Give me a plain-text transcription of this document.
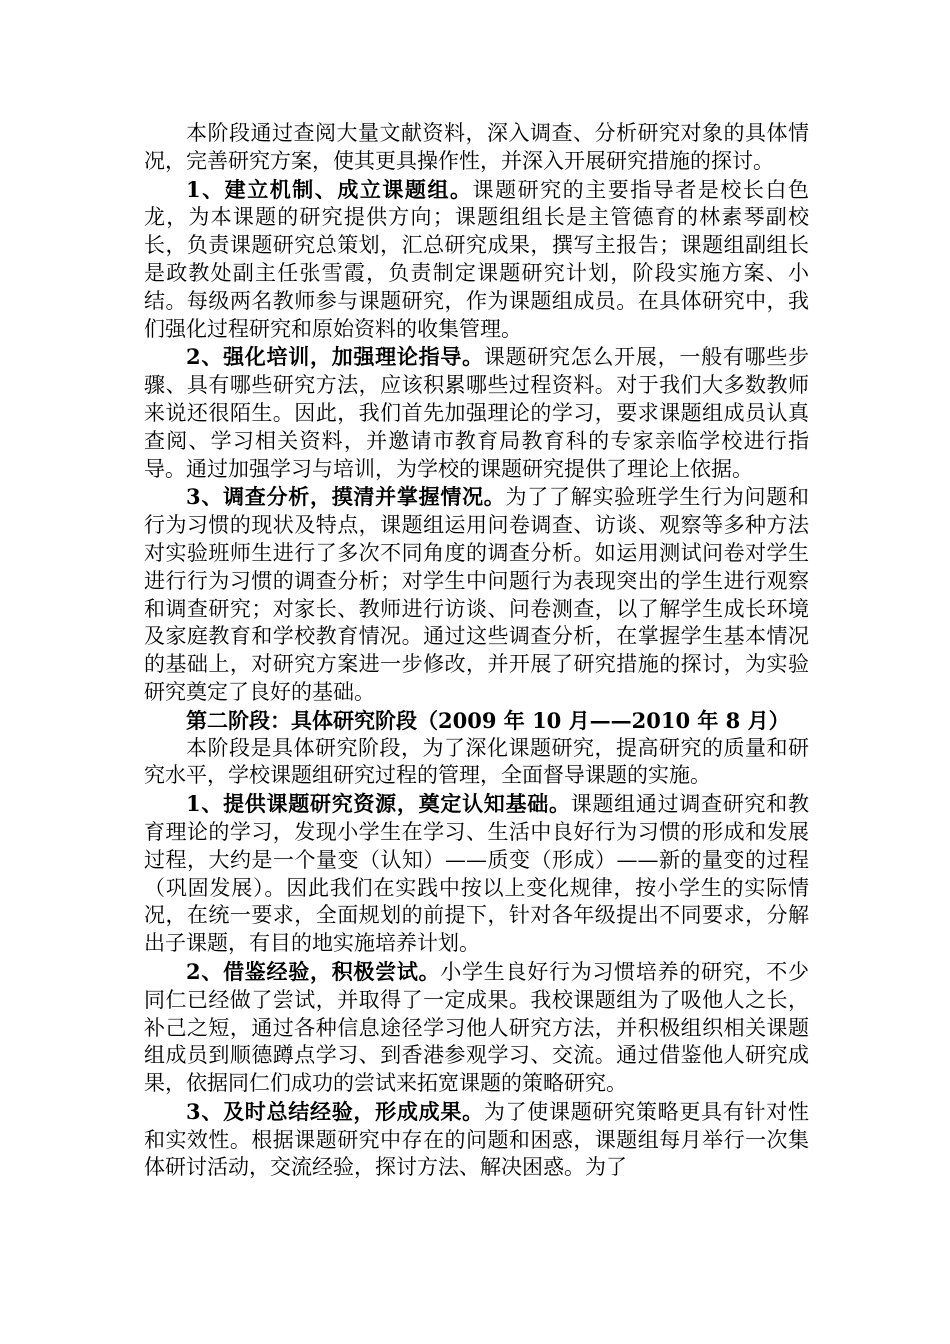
本阶段通过查阅大量文献资料，深入调查、分析研究对象的具体情况，完善研究方案，使其更具操作性，并深入开展研究措施的探讨。

1、建立机制、成立课题组。课题研究的主要指导者是校长白色龙，为本课题的研究提供方向；课题组组长是主管德育的林素琴副校长，负责课题研究总策划，汇总研究成果，撰写主报告；课题组副组长是政教处副主任张雪霞，负责制定课题研究计划，阶段实施方案、小结。每级两名教师参与课题研究，作为课题组成员。在具体研究中，我们强化过程研究和原始资料的收集管理。

2、强化培训，加强理论指导。课题研究怎么开展，一般有哪些步骤、具有哪些研究方法，应该积累哪些过程资料。对于我们大多数教师来说还很陌生。因此，我们首先加强理论的学习，要求课题组成员认真查阅、学习相关资料，并邀请市教育局教育科的专家亲临学校进行指导。通过加强学习与培训，为学校的课题研究提供了理论上依据。

3、调查分析，摸清并掌握情况。为了了解实验班学生行为问题和行为习惯的现状及特点，课题组运用问卷调查、访谈、观察等多种方法对实验班师生进行了多次不同角度的调查分析。如运用测试问卷对学生进行行为习惯的调查分析；对学生中问题行为表现突出的学生进行观察和调查研究；对家长、教师进行访谈、问卷测查，以了解学生成长环境及家庭教育和学校教育情况。通过这些调查分析，在掌握学生基本情况的基础上，对研究方案进一步修改，并开展了研究措施的探讨，为实验研究奠定了良好的基础。

第二阶段：具体研究阶段（2009 年 10 月——2010 年 8 月）

本阶段是具体研究阶段，为了深化课题研究，提高研究的质量和研究水平，学校课题组研究过程的管理，全面督导课题的实施。

1、提供课题研究资源，奠定认知基础。课题组通过调查研究和教育理论的学习，发现小学生在学习、生活中良好行为习惯的形成和发展过程，大约是一个量变（认知）——质变（形成）——新的量变的过程（巩固发展）。因此我们在实践中按以上变化规律，按小学生的实际情况，在统一要求，全面规划的前提下，针对各年级提出不同要求，分解出子课题，有目的地实施培养计划。

2、借鉴经验，积极尝试。小学生良好行为习惯培养的研究，不少同仁已经做了尝试，并取得了一定成果。我校课题组为了吸他人之长，补己之短，通过各种信息途径学习他人研究方法，并积极组织相关课题组成员到顺德蹲点学习、到香港参观学习、交流。通过借鉴他人研究成果，依据同仁们成功的尝试来拓宽课题的策略研究。

3、及时总结经验，形成成果。为了使课题研究策略更具有针对性和实效性。根据课题研究中存在的问题和困惑，课题组每月举行一次集体研讨活动，交流经验，探讨方法、解决困惑。为了
